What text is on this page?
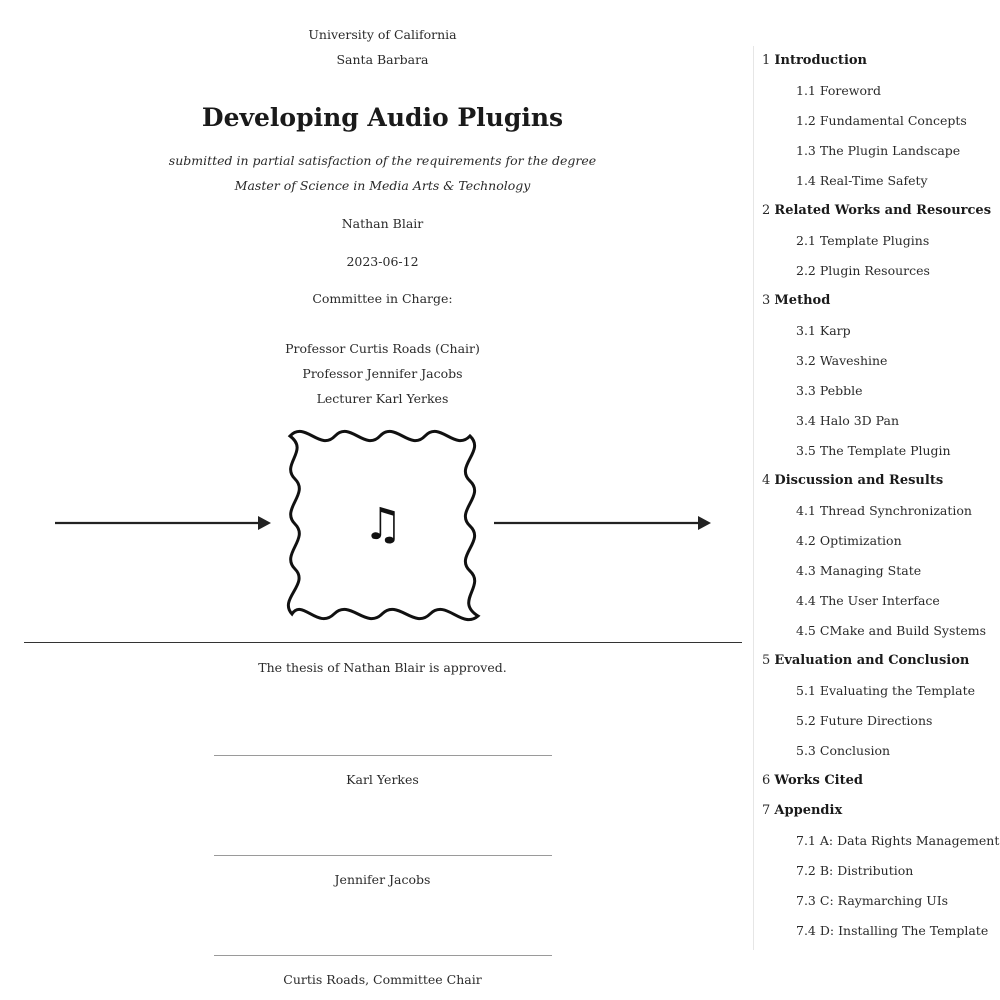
University of California
Santa Barbara
Developing Audio Plugins
submitted in partial satisfaction of the requirements for the degree
Master of Science in Media Arts & Technology
Nathan Blair
2023-06-12
Committee in Charge:
Professor Curtis Roads (Chair)
Professor Jennifer Jacobs
Lecturer Karl Yerkes
♫
The thesis of Nathan Blair is approved.
Karl Yerkes
Jennifer Jacobs
Curtis Roads, Committee Chair
1 Introduction
1.1 Foreword
1.2 Fundamental Concepts
1.3 The Plugin Landscape
1.4 Real-Time Safety
2 Related Works and Resources
2.1 Template Plugins
2.2 Plugin Resources
3 Method
3.1 Karp
3.2 Waveshine
3.3 Pebble
3.4 Halo 3D Pan
3.5 The Template Plugin
4 Discussion and Results
4.1 Thread Synchronization
4.2 Optimization
4.3 Managing State
4.4 The User Interface
4.5 CMake and Build Systems
5 Evaluation and Conclusion
5.1 Evaluating the Template
5.2 Future Directions
5.3 Conclusion
6 Works Cited
7 Appendix
7.1 A: Data Rights Management
7.2 B: Distribution
7.3 C: Raymarching UIs
7.4 D: Installing The Template
